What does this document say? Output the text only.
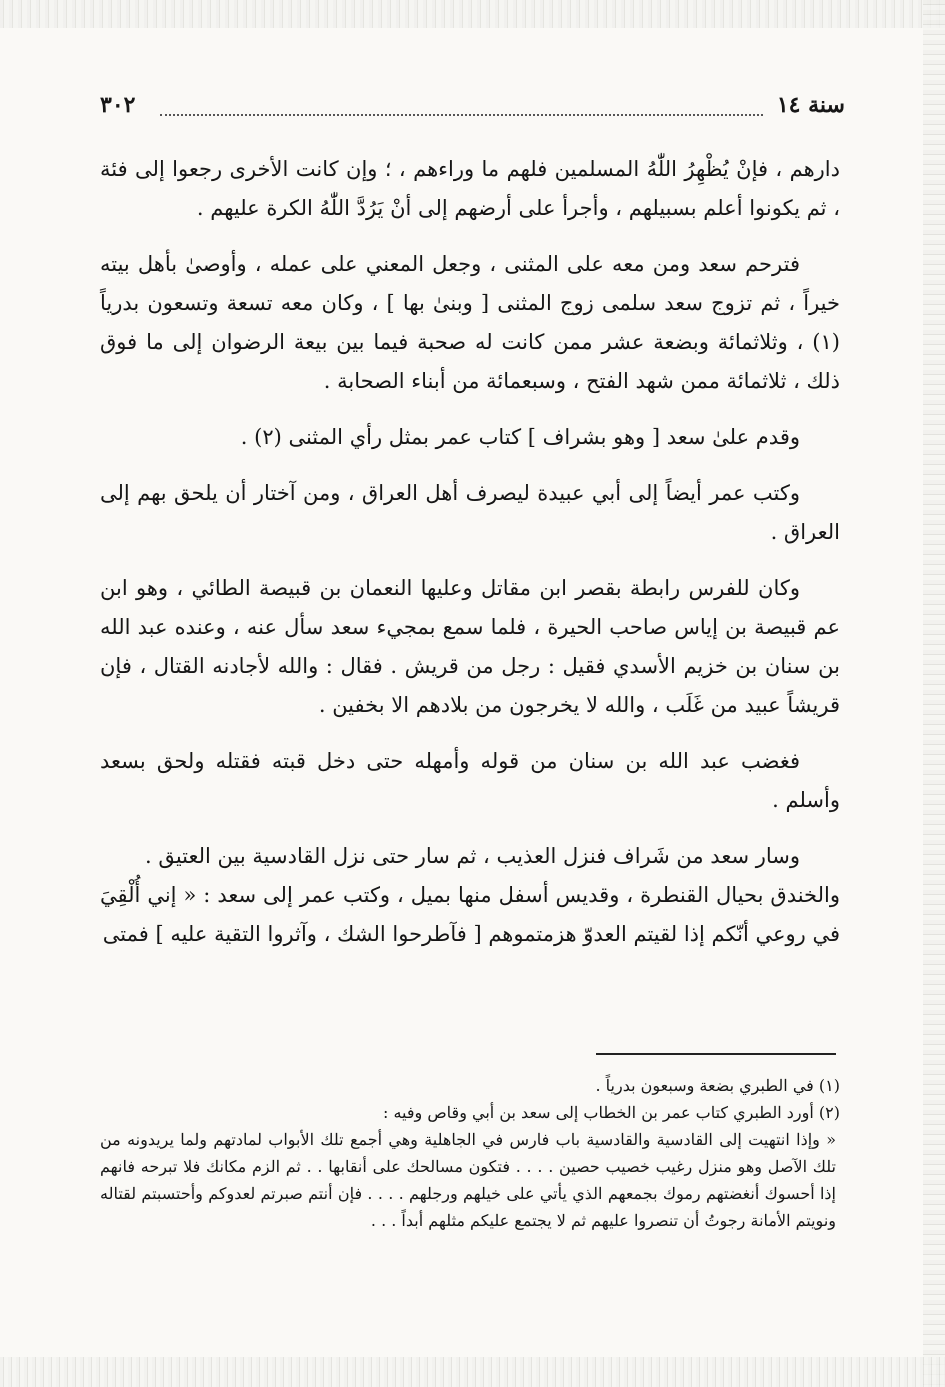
٣٠٢	سنة ١٤

دارهم ، فإنْ يُظْهِرُ اللّٰهُ المسلمين فلهم ما وراءهم ، ؛ وإن كانت الأخرى رجعوا إلى فئة ، ثم يكونوا أعلم بسبيلهم ، وأجرأ على أرضهم إلى أنْ يَرُدَّ اللّٰهُ الكرة عليهم .

فترحم سعد ومن معه على المثنى ، وجعل المعني على عمله ، وأوصىٰ بأهل بيته خيراً ، ثم تزوج سعد سلمى زوج المثنى [ وبنىٰ بها ] ، وكان معه تسعة وتسعون بدرياً (١) ، وثلاثمائة وبضعة عشر ممن كانت له صحبة فيما بين بيعة الرضوان إلى ما فوق ذلك ، ثلاثمائة ممن شهد الفتح ، وسبعمائة من أبناء الصحابة .

وقدم علىٰ سعد [ وهو بشراف ] كتاب عمر بمثل رأي المثنى (٢) .

وكتب عمر أيضاً إلى أبي عبيدة ليصرف أهل العراق ، ومن آختار أن يلحق بهم إلى العراق .

وكان للفرس رابطة بقصر ابن مقاتل وعليها النعمان بن قبيصة الطائي ، وهو ابن عم قبيصة بن إياس صاحب الحيرة ، فلما سمع بمجيء سعد سأل عنه ، وعنده عبد الله بن سنان بن خزيم الأسدي فقيل : رجل من قريش . فقال : والله لأجادنه القتال ، فإن قريشاً عبيد من غَلَب ، والله لا يخرجون من بلادهم الا بخفين .

فغضب عبد الله بن سنان من قوله وأمهله حتى دخل قبته فقتله ولحق بسعد وأسلم .

وسار سعد من شَراف فنزل العذيب ، ثم سار حتى نزل القادسية بين العتيق .

والخندق بحيال القنطرة ، وقديس أسفل منها بميل ، وكتب عمر إلى سعد : « إني أُلْقِيَ في روعي أنّكم إذا لقيتم العدوّ هزمتموهم [ فآطرحوا الشك ، وآثروا التقية عليه ] فمتى

(١) في الطبري بضعة وسبعون بدرياً .
(٢) أورد الطبري كتاب عمر بن الخطاب إلى سعد بن أبي وقاص وفيه :
« وإذا انتهيت إلى القادسية والقادسية باب فارس في الجاهلية وهي أجمع تلك الأبواب لمادتهم ولما يريدونه من تلك الآصل وهو منزل رغيب خصيب حصين . . . . فتكون مسالحك على أنقابها . . ثم الزم مكانك فلا تبرحه فانهم إذا أحسوك أنغضتهم رموك بجمعهم الذي يأتي على خيلهم ورجلهم . . . . فإن أنتم صبرتم لعدوكم وأحتسبتم لقتاله ونويتم الأمانة رجوتُ أن تنصروا عليهم ثم لا يجتمع عليكم مثلهم أبداً . . .
